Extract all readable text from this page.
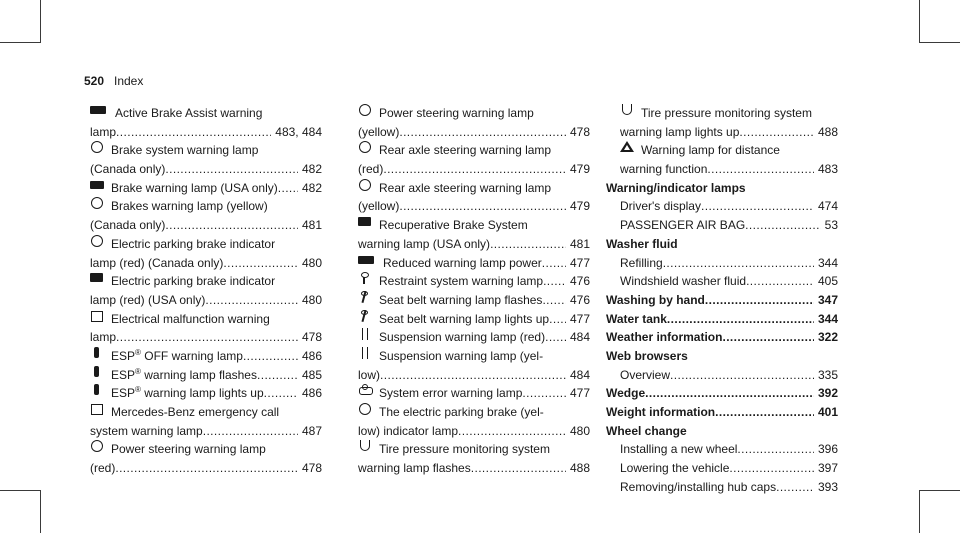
520 Index
Active Brake Assist warning
lamp .....	483, 484
Brake system warning lamp
(Canada only) .....	482
Brake warning lamp (USA only) .....	482
Brakes warning lamp (yellow)
(Canada only) .....	481
Electric parking brake indicator
lamp (red) (Canada only) .....	480
Electric parking brake indicator
lamp (red) (USA only) .....	480
Electrical malfunction warning
lamp .....	478
ESP® OFF warning lamp .....	486
ESP® warning lamp flashes .....	485
ESP® warning lamp lights up .....	486
Mercedes-Benz emergency call
system warning lamp .....	487
Power steering warning lamp
(red) .....	478
Power steering warning lamp
(yellow) .....	478
Rear axle steering warning lamp
(red) .....	479
Rear axle steering warning lamp
(yellow) .....	479
Recuperative Brake System
warning lamp (USA only) .....	481
Reduced warning lamp power .....	477
Restraint system warning lamp .....	476
Seat belt warning lamp flashes .....	476
Seat belt warning lamp lights up .....	477
Suspension warning lamp (red) .....	484
Suspension warning lamp (yel-
low) .....	484
System error warning lamp .....	477
The electric parking brake (yel-
low) indicator lamp .....	480
Tire pressure monitoring system
warning lamp flashes .....	488
Tire pressure monitoring system
warning lamp lights up .....	488
Warning lamp for distance
warning function .....	483
Warning/indicator lamps
Driver's display .....	474
PASSENGER AIR BAG .....	53
Washer fluid
Refilling .....	344
Windshield washer fluid .....	405
Washing by hand .....	347
Water tank .....	344
Weather information .....	322
Web browsers
Overview .....	335
Wedge .....	392
Weight information .....	401
Wheel change
Installing a new wheel .....	396
Lowering the vehicle .....	397
Removing/installing hub caps .....	393
